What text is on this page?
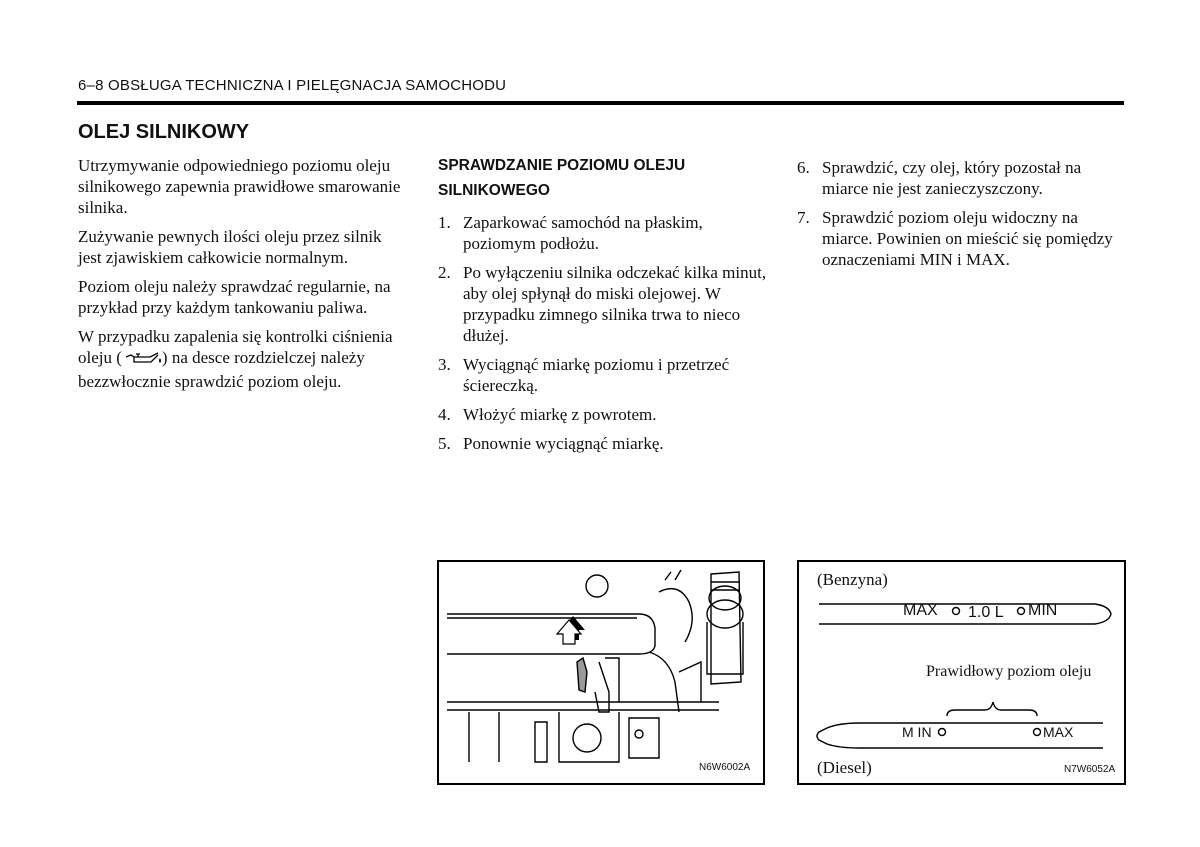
6–8 OBSŁUGA TECHNICZNA I PIELĘGNACJA SAMOCHODU
OLEJ SILNIKOWY

Utrzymywanie odpowiedniego poziomu oleju silnikowego zapewnia prawidłowe smarowanie silnika.

Zużywanie pewnych ilości oleju przez silnik jest zjawiskiem całkowicie normalnym.

Poziom oleju należy sprawdzać regularnie, na przykład przy każdym tankowaniu paliwa.

W przypadku zapalenia się kontrolki ciśnienia oleju ( ) na desce rozdzielczej należy bezzwłocznie sprawdzić poziom oleju.

SPRAWDZANIE POZIOMU OLEJU SILNIKOWEGO
1. Zaparkować samochód na płaskim, poziomym podłożu.
2. Po wyłączeniu silnika odczekać kilka minut, aby olej spłynął do miski olejowej. W przypadku zimnego silnika trwa to nieco dłużej.
3. Wyciągnąć miarkę poziomu i przetrzeć ściereczką.
4. Włożyć miarkę z powrotem.
5. Ponownie wyciągnąć miarkę.
6. Sprawdzić, czy olej, który pozostał na miarce nie jest zanieczyszczony.
7. Sprawdzić poziom oleju widoczny na miarce. Powinien on mieścić się pomiędzy oznaczeniami MIN i MAX.
N6W6002A
(Benzyna)
MAX 1.0 L MIN
Prawidłowy poziom oleju
M IN	MAX
(Diesel)	N7W6052A
